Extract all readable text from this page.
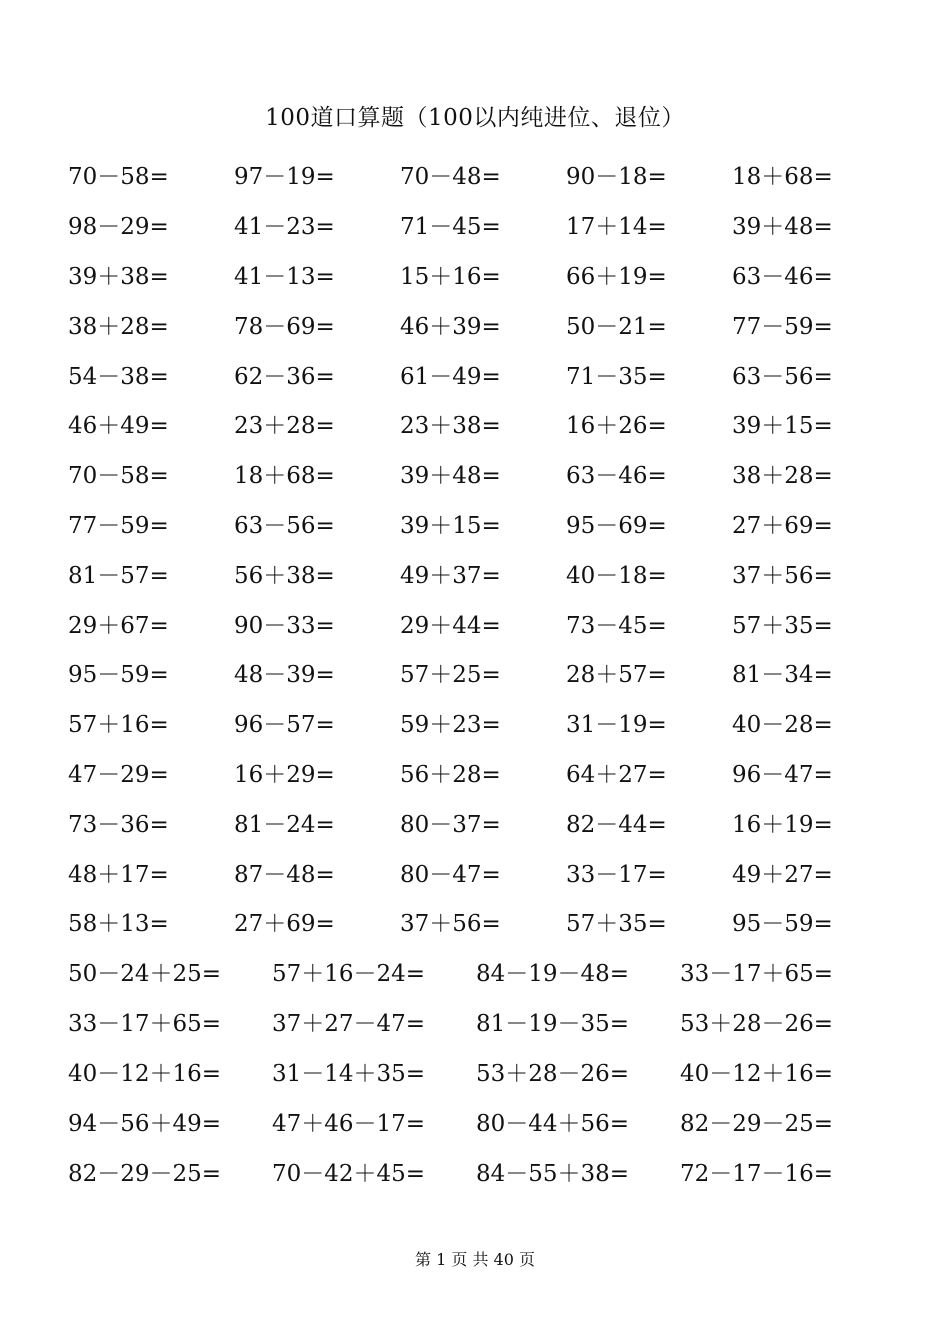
100道口算题（100以内纯进位、退位）
70－58=	97－19=	70－48=	90－18=	18＋68=
98－29=	41－23=	71－45=	17＋14=	39＋48=
39＋38=	41－13=	15＋16=	66＋19=	63－46=
38＋28=	78－69=	46＋39=	50－21=	77－59=
54－38=	62－36=	61－49=	71－35=	63－56=
46＋49=	23＋28=	23＋38=	16＋26=	39＋15=
70－58=	18＋68=	39＋48=	63－46=	38＋28=
77－59=	63－56=	39＋15=	95－69=	27＋69=
81－57=	56＋38=	49＋37=	40－18=	37＋56=
29＋67=	90－33=	29＋44=	73－45=	57＋35=
95－59=	48－39=	57＋25=	28＋57=	81－34=
57＋16=	96－57=	59＋23=	31－19=	40－28=
47－29=	16＋29=	56＋28=	64＋27=	96－47=
73－36=	81－24=	80－37=	82－44=	16＋19=
48＋17=	87－48=	80－47=	33－17=	49＋27=
58＋13=	27＋69=	37＋56=	57＋35=	95－59=
50－24＋25=	57＋16－24=	84－19－48=	33－17＋65=
33－17＋65=	37＋27－47=	81－19－35=	53＋28－26=
40－12＋16=	31－14＋35=	53＋28－26=	40－12＋16=
94－56＋49=	47＋46－17=	80－44＋56=	82－29－25=
82－29－25=	70－42＋45=	84－55＋38=	72－17－16=
第 1 页 共 40 页
